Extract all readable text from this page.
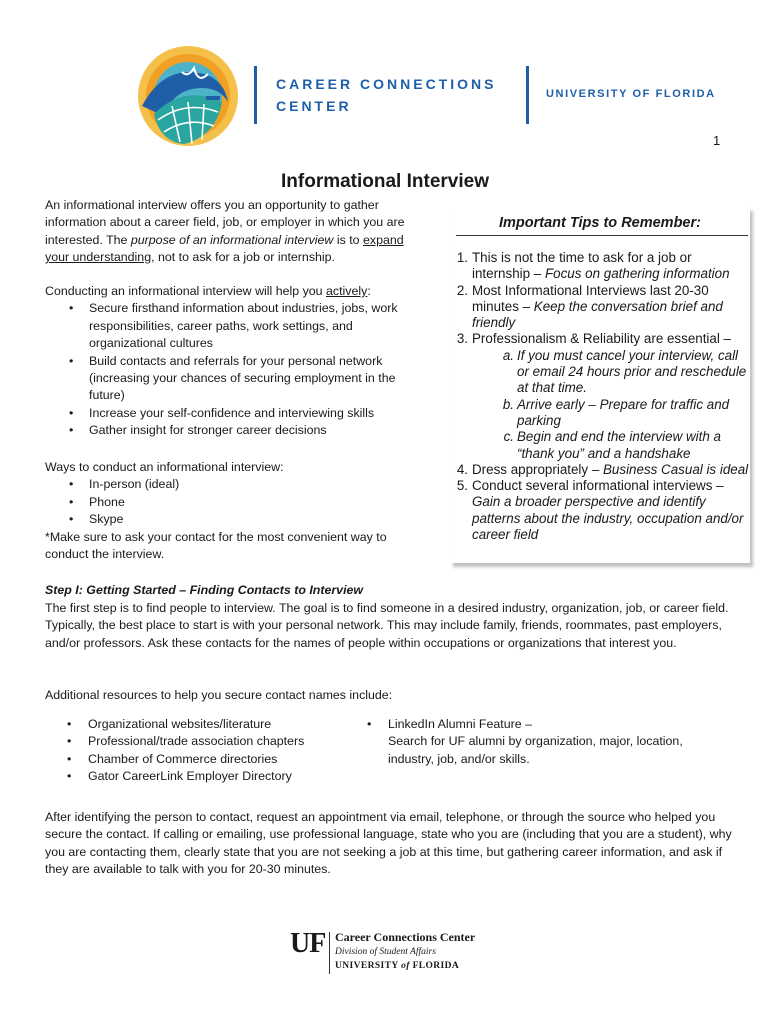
CAREER CONNECTIONS
CENTER
UNIVERSITY OF FLORIDA
1
Informational Interview
An informational interview offers you an opportunity to gather information about a career field, job, or employer in which you are interested. The purpose of an informational interview is to expand your understanding, not to ask for a job or internship.
Conducting an informational interview will help you actively:
• Secure firsthand information about industries, jobs, work responsibilities, career paths, work settings, and organizational cultures
• Build contacts and referrals for your personal network (increasing your chances of securing employment in the future)
• Increase your self-confidence and interviewing skills
• Gather insight for stronger career decisions
Ways to conduct an informational interview:
• In-person (ideal)
• Phone
• Skype
*Make sure to ask your contact for the most convenient way to conduct the interview.
Important Tips to Remember:
1. This is not the time to ask for a job or internship – Focus on gathering information
2. Most Informational Interviews last 20-30 minutes – Keep the conversation brief and friendly
3. Professionalism & Reliability are essential –
a. If you must cancel your interview, call or email 24 hours prior and reschedule at that time.
b. Arrive early – Prepare for traffic and parking
c. Begin and end the interview with a “thank you” and a handshake
4. Dress appropriately – Business Casual is ideal
5. Conduct several informational interviews – Gain a broader perspective and identify patterns about the industry, occupation and/or career field
Step I: Getting Started – Finding Contacts to Interview
The first step is to find people to interview. The goal is to find someone in a desired industry, organization, job, or career field. Typically, the best place to start is with your personal network. This may include family, friends, roommates, past employers, and/or professors. Ask these contacts for the names of people within occupations or organizations that interest you.
Additional resources to help you secure contact names include:
• Organizational websites/literature
• Professional/trade association chapters
• Chamber of Commerce directories
• Gator CareerLink Employer Directory
• LinkedIn Alumni Feature –
Search for UF alumni by organization, major, location, industry, job, and/or skills.
After identifying the person to contact, request an appointment via email, telephone, or through the source who helped you secure the contact. If calling or emailing, use professional language, state who you are (including that you are a student), why you are contacting them, clearly state that you are not seeking a job at this time, but gathering career information, and ask if they are available to talk with you for 20-30 minutes.
UF Career Connections Center
Division of Student Affairs
UNIVERSITY of FLORIDA
